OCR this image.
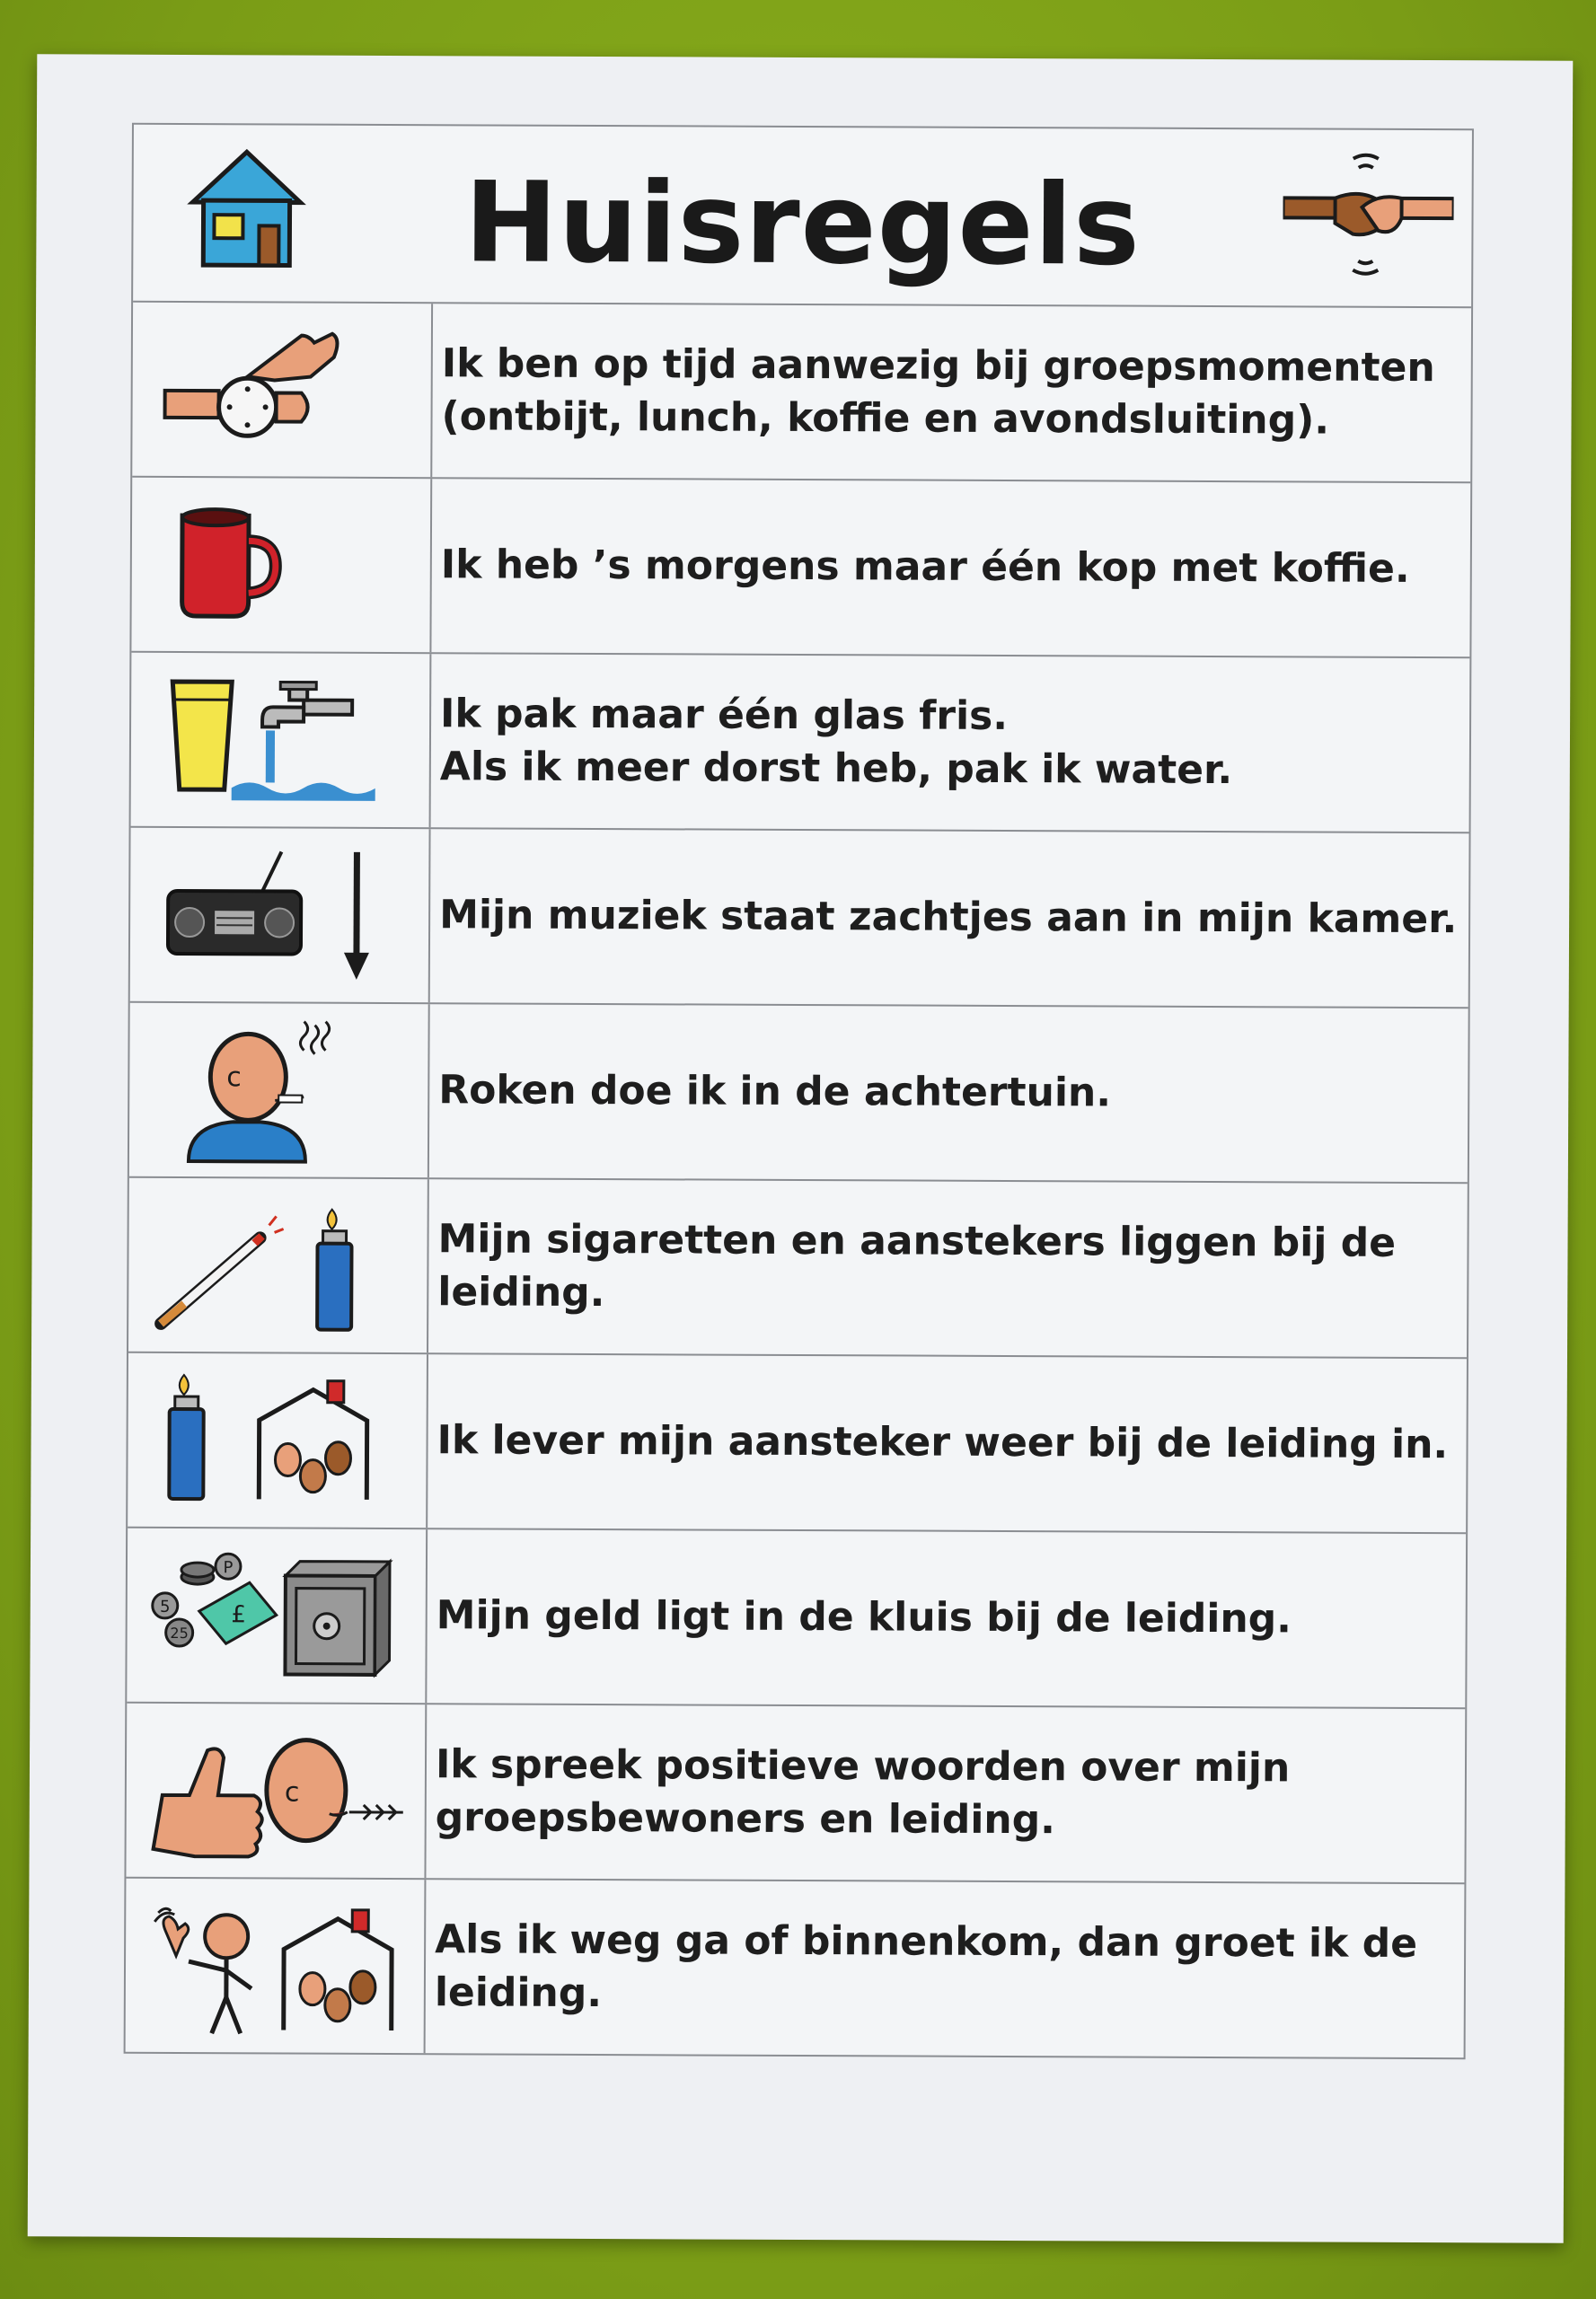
Huisregels
Ik ben op tijd aanwezig bij groepsmomenten
(ontbijt, lunch, koffie en avondsluiting).
Ik heb ’s morgens maar één kop met koffie.
Ik pak maar één glas fris.
Als ik meer dorst heb, pak ik water.
Mijn muziek staat zachtjes aan in mijn kamer.
c	Roken doe ik in de achtertuin.
Mijn sigaretten en aanstekers liggen bij de
leiding.
Ik lever mijn aansteker weer bij de leiding in.
P
5
25
£	Mijn geld ligt in de kluis bij de leiding.
c
Ik spreek positieve woorden over mijn
groepsbewoners en leiding.
Als ik weg ga of binnenkom, dan groet ik de
leiding.
